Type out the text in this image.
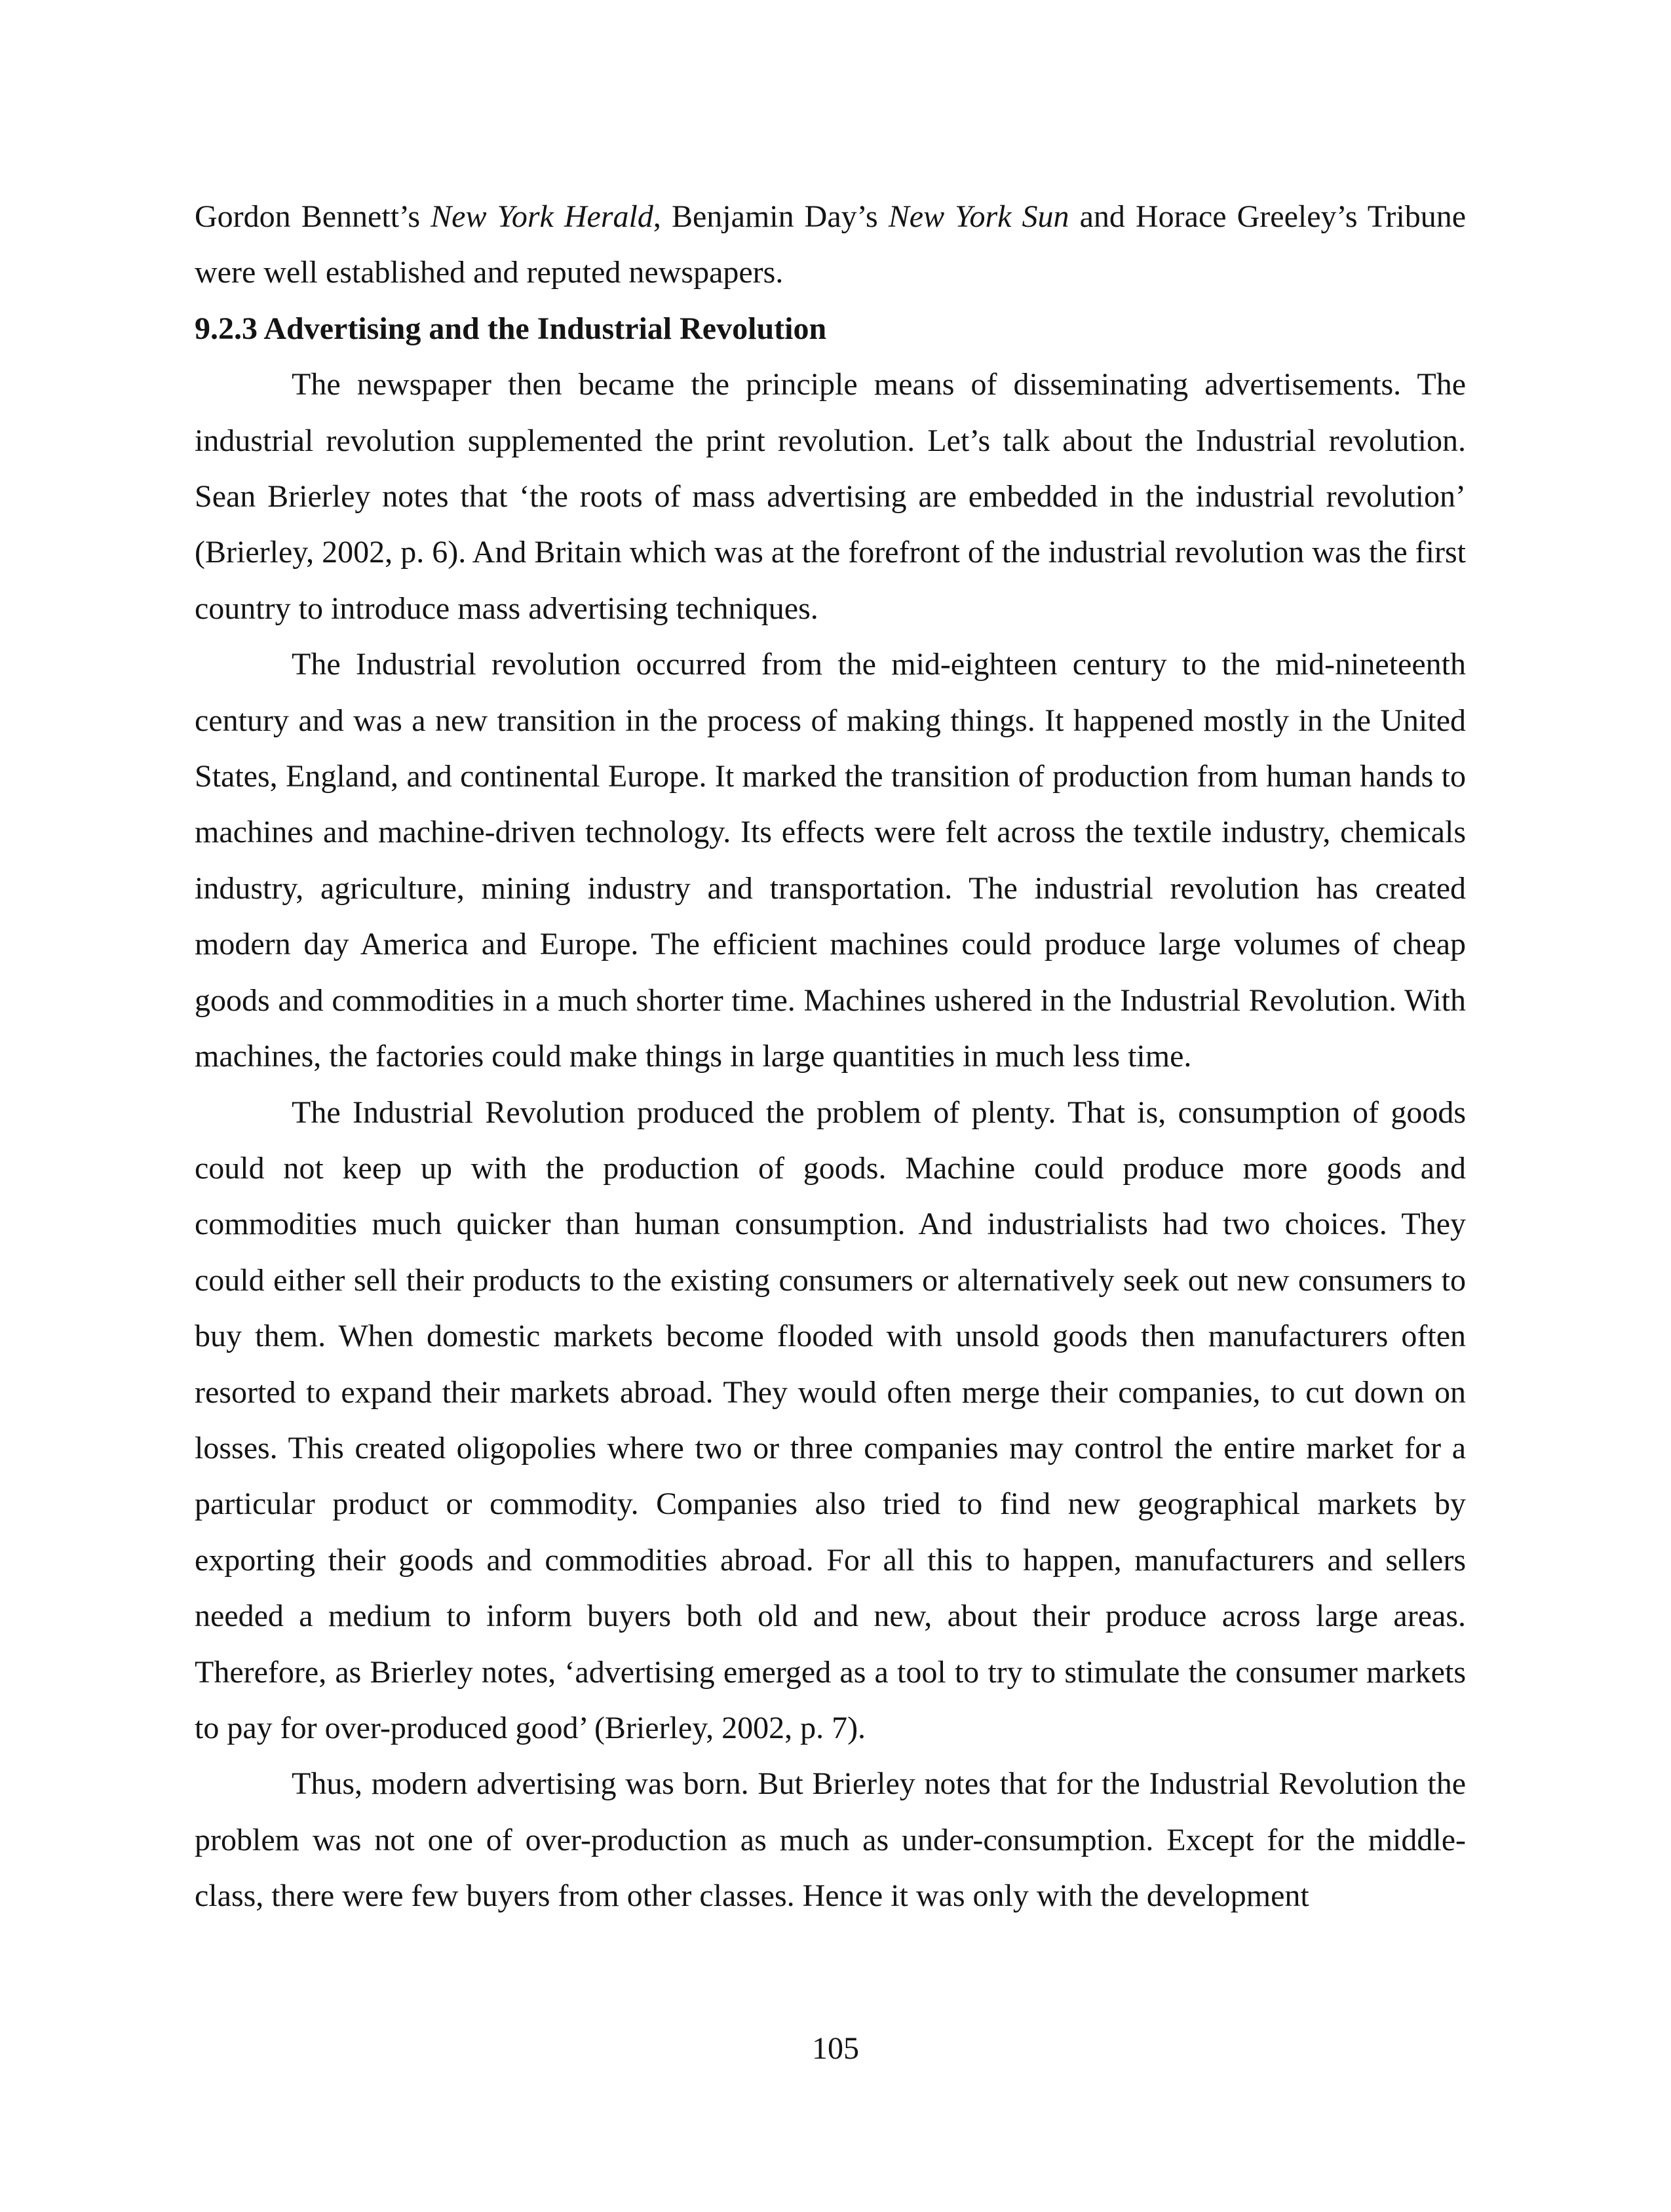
Gordon Bennett’s New York Herald, Benjamin Day’s New York Sun and Horace Greeley’s Tribune were well established and reputed newspapers.

9.2.3 Advertising and the Industrial Revolution

The newspaper then became the principle means of disseminating advertisements. The industrial revolution supplemented the print revolution. Let’s talk about the Industrial revolution. Sean Brierley notes that ‘the roots of mass advertising are embedded in the industrial revolution’ (Brierley, 2002, p. 6). And Britain which was at the forefront of the industrial revolution was the first country to introduce mass advertising techniques.

The Industrial revolution occurred from the mid-eighteen century to the mid-nineteenth century and was a new transition in the process of making things. It happened mostly in the United States, England, and continental Europe. It marked the transition of production from human hands to machines and machine-driven technology. Its effects were felt across the textile industry, chemicals industry, agriculture, mining industry and transportation. The industrial revolution has created modern day America and Europe. The efficient machines could produce large volumes of cheap goods and commodities in a much shorter time. Machines ushered in the Industrial Revolution. With machines, the factories could make things in large quantities in much less time.

The Industrial Revolution produced the problem of plenty. That is, consumption of goods could not keep up with the production of goods. Machine could produce more goods and commodities much quicker than human consumption. And industrialists had two choices. They could either sell their products to the existing consumers or alternatively seek out new consumers to buy them. When domestic markets become flooded with unsold goods then manufacturers often resorted to expand their markets abroad. They would often merge their companies, to cut down on losses. This created oligopolies where two or three companies may control the entire market for a particular product or commodity. Companies also tried to find new geographical markets by exporting their goods and commodities abroad. For all this to happen, manufacturers and sellers needed a medium to inform buyers both old and new, about their produce across large areas. Therefore, as Brierley notes, ‘advertising emerged as a tool to try to stimulate the consumer markets to pay for over-produced good’ (Brierley, 2002, p. 7).

Thus, modern advertising was born. But Brierley notes that for the Industrial Revolution the problem was not one of over-production as much as under-consumption. Except for the middle-class, there were few buyers from other classes. Hence it was only with the development

105
